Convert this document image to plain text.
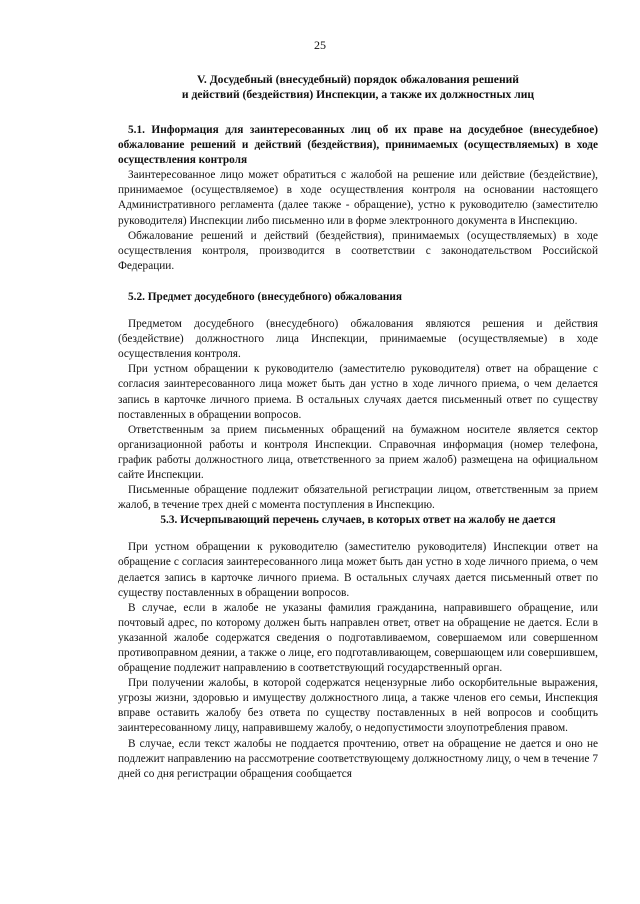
25
V. Досудебный (внесудебный) порядок обжалования решений
и действий (бездействия) Инспекции, а также их должностных лиц

5.1. Информация для заинтересованных лиц об их праве на досудебное (внесудебное) обжалование решений и действий (бездействия), принимаемых (осуществляемых) в ходе осуществления контроля

Заинтересованное лицо может обратиться с жалобой на решение или действие (бездействие), принимаемое (осуществляемое) в ходе осуществления контроля на основании настоящего Административного регламента (далее также - обращение), устно к руководителю (заместителю руководителя) Инспекции либо письменно или в форме электронного документа в Инспекцию.

Обжалование решений и действий (бездействия), принимаемых (осуществляемых) в ходе осуществления контроля, производится в соответствии с законодательством Российской Федерации.

5.2. Предмет досудебного (внесудебного) обжалования

Предметом досудебного (внесудебного) обжалования являются решения и действия (бездействие) должностного лица Инспекции, принимаемые (осуществляемые) в ходе осуществления контроля.

При устном обращении к руководителю (заместителю руководителя) ответ на обращение с согласия заинтересованного лица может быть дан устно в ходе личного приема, о чем делается запись в карточке личного приема. В остальных случаях дается письменный ответ по существу поставленных в обращении вопросов.

Ответственным за прием письменных обращений на бумажном носителе является сектор организационной работы и контроля Инспекции. Справочная информация (номер телефона, график работы должностного лица, ответственного за прием жалоб) размещена на официальном сайте Инспекции.

Письменные обращение подлежит обязательной регистрации лицом, ответственным за прием жалоб, в течение трех дней с момента поступления в Инспекцию.

5.3. Исчерпывающий перечень случаев, в которых ответ на жалобу не дается

При устном обращении к руководителю (заместителю руководителя) Инспекции ответ на обращение с согласия заинтересованного лица может быть дан устно в ходе личного приема, о чем делается запись в карточке личного приема. В остальных случаях дается письменный ответ по существу поставленных в обращении вопросов.

В случае, если в жалобе не указаны фамилия гражданина, направившего обращение, или почтовый адрес, по которому должен быть направлен ответ, ответ на обращение не дается. Если в указанной жалобе содержатся сведения о подготавливаемом, совершаемом или совершенном противоправном деянии, а также о лице, его подготавливающем, совершающем или совершившем, обращение подлежит направлению в соответствующий государственный орган.

При получении жалобы, в которой содержатся нецензурные либо оскорбительные выражения, угрозы жизни, здоровью и имуществу должностного лица, а также членов его семьи, Инспекция вправе оставить жалобу без ответа по существу поставленных в ней вопросов и сообщить заинтересованному лицу, направившему жалобу, о недопустимости злоупотребления правом.

В случае, если текст жалобы не поддается прочтению, ответ на обращение не дается и оно не подлежит направлению на рассмотрение соответствующему должностному лицу, о чем в течение 7 дней со дня регистрации обращения сообщается
